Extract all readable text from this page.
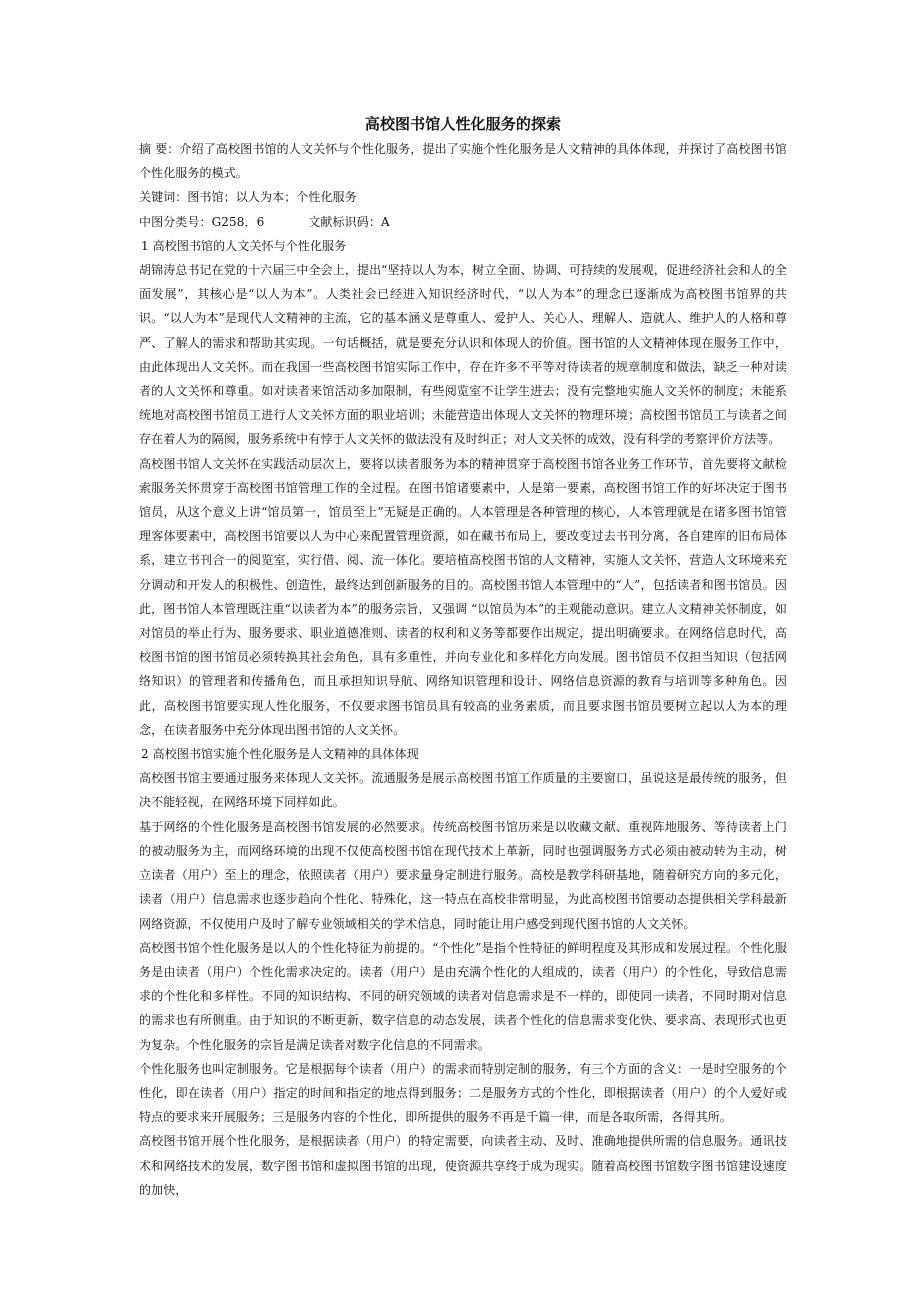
高校图书馆人性化服务的探索

摘 要：介绍了高校图书馆的人文关怀与个性化服务，提出了实施个性化服务是人文精神的具体体现，并探讨了高校图书馆个性化服务的模式。

关键词：图书馆；以人为本；个性化服务

中图分类号：G258．6	文献标识码：A

1 高校图书馆的人文关怀与个性化服务

胡锦涛总书记在党的十六届三中全会上，提出“坚持以人为本，树立全面、协调、可持续的发展观，促进经济社会和人的全面发展”，其核心是“以人为本”。人类社会已经进入知识经济时代，“以人为本”的理念已逐渐成为高校图书馆界的共识。“以人为本”是现代人文精神的主流，它的基本涵义是尊重人、爱护人、关心人、理解人、造就人、维护人的人格和尊严、了解人的需求和帮助其实现。一句话概括，就是要充分认识和体现人的价值。图书馆的人文精神体现在服务工作中，由此体现出人文关怀。而在我国一些高校图书馆实际工作中，存在许多不平等对待读者的规章制度和做法，缺乏一种对读者的人文关怀和尊重。如对读者来馆活动多加限制，有些阅览室不让学生进去；没有完整地实施人文关怀的制度；未能系统地对高校图书馆员工进行人文关怀方面的职业培训；未能营造出体现人文关怀的物理环境；高校图书馆员工与读者之间存在着人为的隔阂，服务系统中有悖于人文关怀的做法没有及时纠正；对人文关怀的成效，没有科学的考察评价方法等。

高校图书馆人文关怀在实践活动层次上，要将以读者服务为本的精神贯穿于高校图书馆各业务工作环节，首先要将文献检索服务关怀贯穿于高校图书馆管理工作的全过程。在图书馆诸要素中，人是第一要素，高校图书馆工作的好坏决定于图书馆员，从这个意义上讲“馆员第一，馆员至上”无疑是正确的。人本管理是各种管理的核心，人本管理就是在诸多图书馆管理客体要素中，高校图书馆要以人为中心来配置管理资源，如在藏书布局上，要改变过去书刊分离，各自建库的旧布局体系，建立书刊合一的阅览室，实行借、阅、流一体化。要培植高校图书馆的人文精神，实施人文关怀，营造人文环境来充分调动和开发人的积极性、创造性，最终达到创新服务的目的。高校图书馆人本管理中的“人”，包括读者和图书馆员。因此，图书馆人本管理既注重“以读者为本”的服务宗旨，又强调 “以馆员为本”的主观能动意识。建立人文精神关怀制度，如对馆员的举止行为、服务要求、职业道德准则、读者的权利和义务等都要作出规定，提出明确要求。在网络信息时代，高校图书馆的图书馆员必须转换其社会角色，具有多重性，并向专业化和多样化方向发展。图书馆员不仅担当知识（包括网络知识）的管理者和传播角色，而且承担知识导航、网络知识管理和设计、网络信息资源的教育与培训等多种角色。因此，高校图书馆要实现人性化服务，不仅要求图书馆员具有较高的业务素质，而且要求图书馆员要树立起以人为本的理念，在读者服务中充分体现出图书馆的人文关怀。

2 高校图书馆实施个性化服务是人文精神的具体体现

高校图书馆主要通过服务来体现人文关怀。流通服务是展示高校图书馆工作质量的主要窗口，虽说这是最传统的服务，但决不能轻视，在网络环境下同样如此。

基于网络的个性化服务是高校图书馆发展的必然要求。传统高校图书馆历来是以收藏文献、重视阵地服务、等待读者上门的被动服务为主，而网络环境的出现不仅使高校图书馆在现代技术上革新，同时也强调服务方式必须由被动转为主动，树立读者（用户）至上的理念，依照读者（用户）要求量身定制进行服务。高校是教学科研基地，随着研究方向的多元化，读者（用户）信息需求也逐步趋向个性化、特殊化，这一特点在高校非常明显，为此高校图书馆要动态提供相关学科最新网络资源，不仅使用户及时了解专业领域相关的学术信息，同时能让用户感受到现代图书馆的人文关怀。

高校图书馆个性化服务是以人的个性化特征为前提的。“个性化”是指个性特征的鲜明程度及其形成和发展过程。个性化服务是由读者（用户）个性化需求决定的。读者（用户）是由充满个性化的人组成的，读者（用户）的个性化，导致信息需求的个性化和多样性。不同的知识结构、不同的研究领域的读者对信息需求是不一样的，即使同一读者，不同时期对信息的需求也有所侧重。由于知识的不断更新，数字信息的动态发展，读者个性化的信息需求变化快、要求高、表现形式也更为复杂。个性化服务的宗旨是满足读者对数字化信息的不同需求。

个性化服务也叫定制服务。它是根据每个读者（用户）的需求而特别定制的服务，有三个方面的含义：一是时空服务的个性化，即在读者（用户）指定的时间和指定的地点得到服务；二是服务方式的个性化，即根据读者（用户）的个人爱好或特点的要求来开展服务；三是服务内容的个性化，即所提供的服务不再是千篇一律，而是各取所需，各得其所。

高校图书馆开展个性化服务，是根据读者（用户）的特定需要，向读者主动、及时、准确地提供所需的信息服务。通讯技术和网络技术的发展，数字图书馆和虚拟图书馆的出现，使资源共享终于成为现实。随着高校图书馆数字图书馆建设速度的加快，
